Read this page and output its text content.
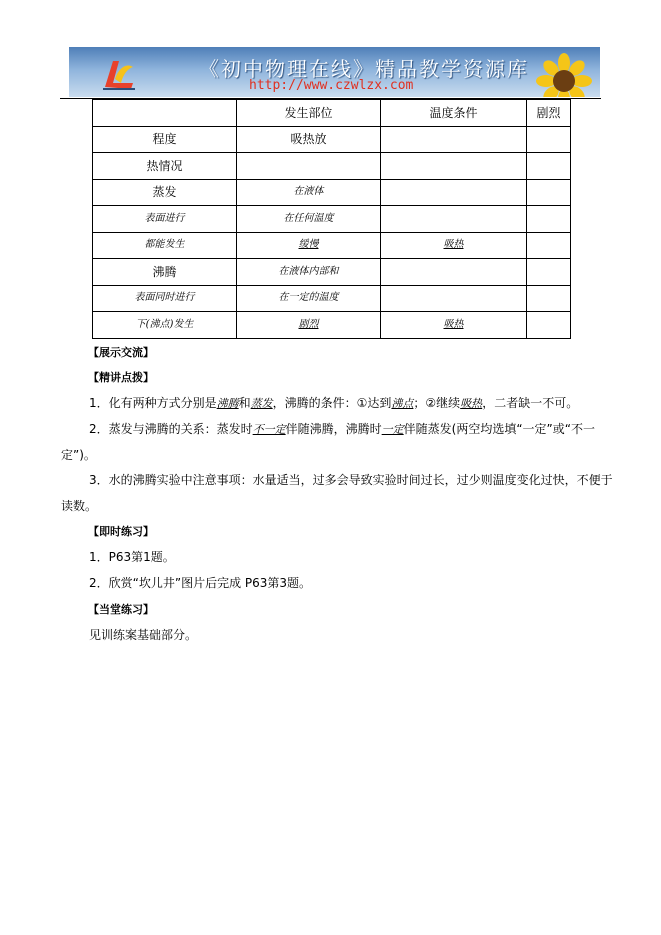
《初中物理在线》精品教学资源库
http://www.czwlzx.com
	发生部位	温度条件	剧烈
程度	吸热放		
热情况			
蒸发	在液体		
表面进行	在任何温度		
都能发生	缓慢	吸热	
沸腾	在液体内部和		
表面同时进行	在一定的温度		
下(沸点)发生	剧烈	吸热	
【展示交流】
【精讲点拨】
1．化有两种方式分别是沸腾和蒸发，沸腾的条件：①达到沸点；②继续吸热，二者缺一不可。
2．蒸发与沸腾的关系：蒸发时不一定伴随沸腾，沸腾时一定伴随蒸发(两空均选填“一定”或“不一
定”)。
3．水的沸腾实验中注意事项：水量适当，过多会导致实验时间过长，过少则温度变化过快，不便于
读数。
【即时练习】
1．P63第1题。
2．欣赏“坎儿井”图片后完成 P63第3题。
【当堂练习】
见训练案基础部分。
